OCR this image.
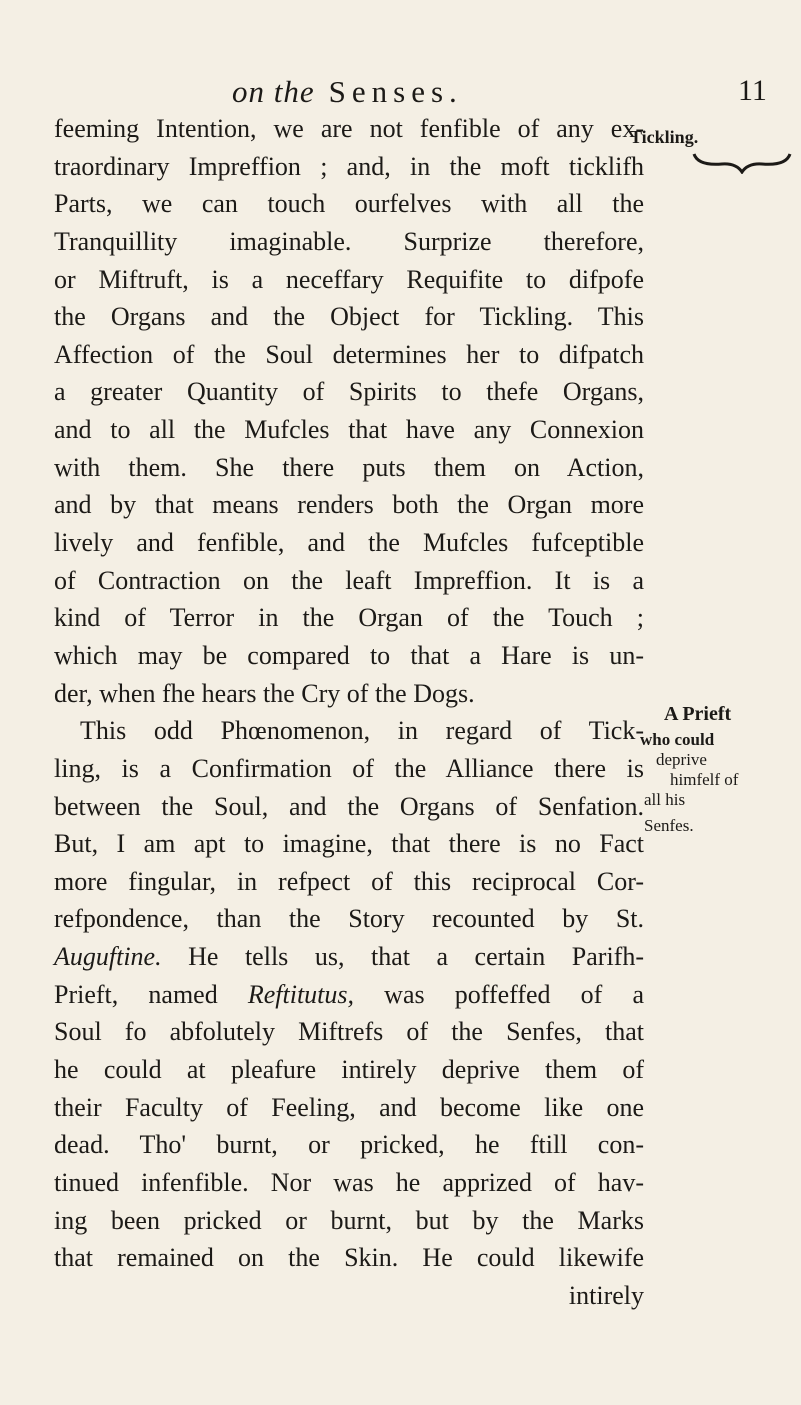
on the Senses.	11
Tickling.
feeming Intention, we are not fenfible of any ex-
traordinary Impreffion ; and, in the moft ticklifh
Parts, we can touch ourfelves with all the
Tranquillity imaginable. Surprize therefore,
or Miftruft, is a neceffary Requifite to difpofe
the Organs and the Object for Tickling. This
Affection of the Soul determines her to difpatch
a greater Quantity of Spirits to thefe Organs,
and to all the Mufcles that have any Connexion
with them. She there puts them on Action,
and by that means renders both the Organ more
lively and fenfible, and the Mufcles fufceptible
of Contraction on the leaft Impreffion. It is a
kind of Terror in the Organ of the Touch ;
which may be compared to that a Hare is un-
der, when fhe hears the Cry of the Dogs.
This odd Phœnomenon, in regard of Tick-
ling, is a Confirmation of the Alliance there is
between the Soul, and the Organs of Senfation.
But, I am apt to imagine, that there is no Fact
more fingular, in refpect of this reciprocal Cor-
refpondence, than the Story recounted by St.
Auguftine. He tells us, that a certain Parifh-
Prieft, named Reftitutus, was poffeffed of a
Soul fo abfolutely Miftrefs of the Senfes, that
he could at pleafure intirely deprive them of
their Faculty of Feeling, and become like one
dead. Tho' burnt, or pricked, he ftill con-
tinued infenfible. Nor was he apprized of hav-
ing been pricked or burnt, but by the Marks
that remained on the Skin. He could likewife
intirely
A Prieft
who could
deprive
himfelf of
all his
Senfes.
